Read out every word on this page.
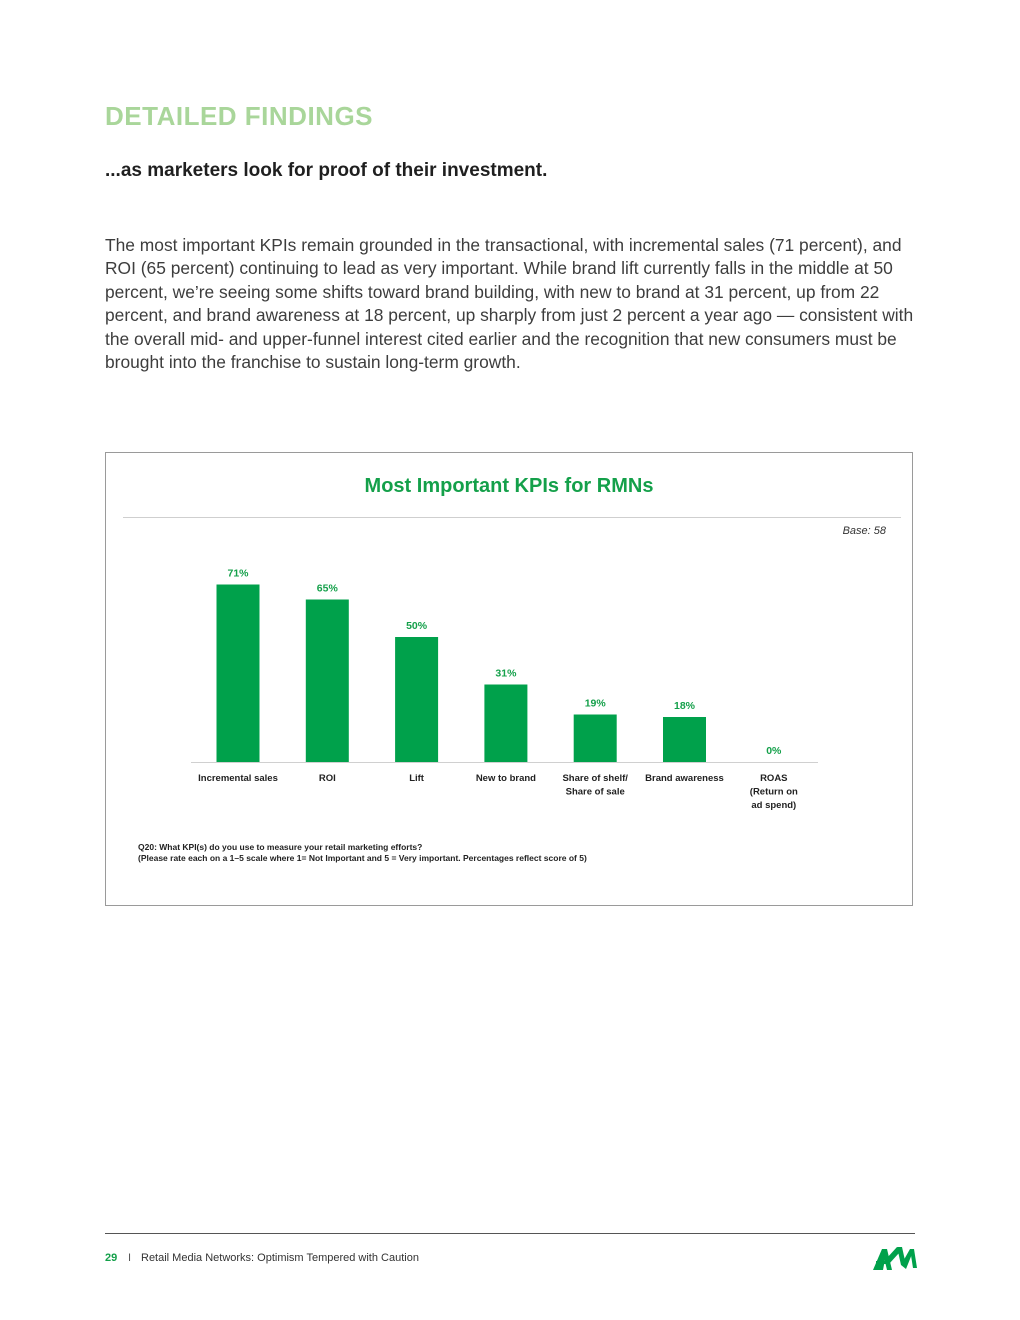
DETAILED FINDINGS
...as marketers look for proof of their investment.

The most important KPIs remain grounded in the transactional, with incremental sales (71 percent), and ROI (65 percent) continuing to lead as very important. While brand lift currently falls in the middle at 50 percent, we’re seeing some shifts toward brand building, with new to brand at 31 percent, up from 22 percent, and brand awareness at 18 percent, up sharply from just 2 percent a year ago — consistent with the overall mid- and upper-funnel interest cited earlier and the recognition that new consumers must be brought into the franchise to sustain long-term growth.

Most Important KPIs for RMNs
Base: 58
71%
Incremental sales
65%
ROI
50%
Lift
31%
New to brand
19%
Share of shelf/ Share of sale
18%
Brand awareness
0%
ROAS (Return on ad spend)
Q20: What KPI(s) do you use to measure your retail marketing efforts?
(Please rate each on a 1–5 scale where 1= Not Important and 5 = Very important. Percentages reflect score of 5)
29 I Retail Media Networks: Optimism Tempered with Caution
